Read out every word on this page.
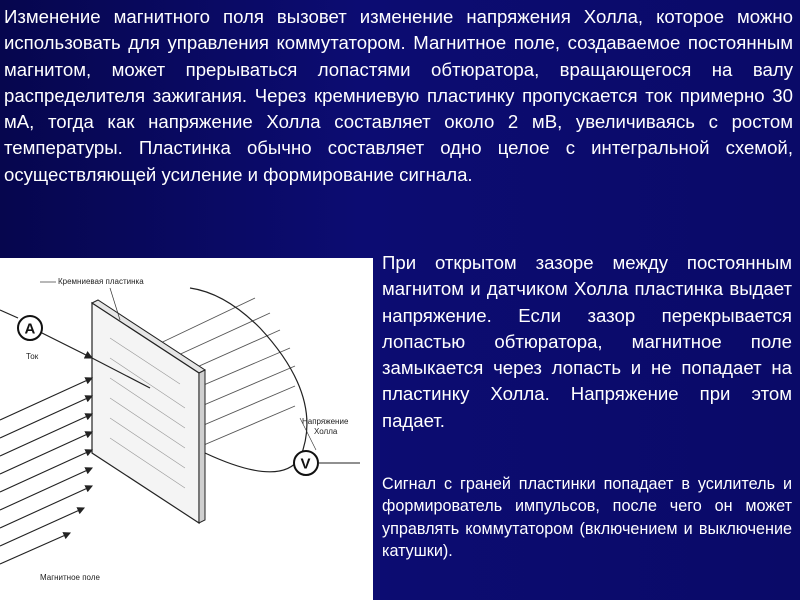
Изменение магнитного поля вызовет изменение напряжения Холла, которое можно использовать для управления коммутатором. Магнитное поле, создаваемое постоянным магнитом, может прерываться лопастями обтюратора, вращающегося на валу распределителя зажигания. Через кремниевую пластинку пропускается ток примерно 30 мА, тогда как напряжение Холла составляет около 2 мВ, увеличиваясь с ростом температуры. Пластинка обычно составляет одно целое с интегральной схемой, осуществляющей усиление и формирование сигнала.

Кремниевая пластинка
A
Ток
V
Напряжение
Холла
Магнитное поле

При открытом зазоре между постоянным магнитом и датчиком Холла пластинка выдает напряжение. Если зазор перекрывается лопастью обтюратора, магнитное поле замыкается через лопасть и не попадает на пластинку Холла. Напряжение при этом падает.

Сигнал с граней пластинки попадает в усилитель и формирователь импульсов, после чего он может управлять коммутатором (включением и выключение катушки).
